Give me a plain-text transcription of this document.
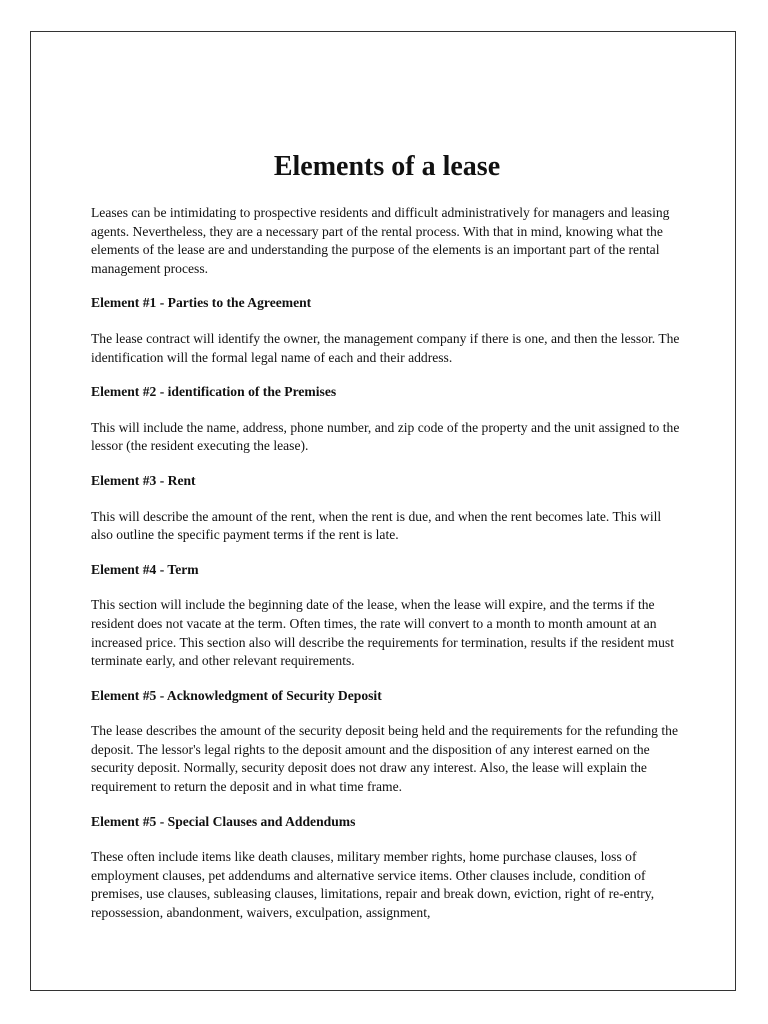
Elements of a lease

Leases can be intimidating to prospective residents and difficult administratively for managers and leasing agents. Nevertheless, they are a necessary part of the rental process. With that in mind, knowing what the elements of the lease are and understanding the purpose of the elements is an important part of the rental management process.

Element #1 - Parties to the Agreement

The lease contract will identify the owner, the management company if there is one, and then the lessor. The identification will the formal legal name of each and their address.

Element #2 - identification of the Premises

This will include the name, address, phone number, and zip code of the property and the unit assigned to the lessor (the resident executing the lease).

Element #3 - Rent

This will describe the amount of the rent, when the rent is due, and when the rent becomes late. This will also outline the specific payment terms if the rent is late.

Element #4 - Term

This section will include the beginning date of the lease, when the lease will expire, and the terms if the resident does not vacate at the term. Often times, the rate will convert to a month to month amount at an increased price. This section also will describe the requirements for termination, results if the resident must terminate early, and other relevant requirements.

Element #5 - Acknowledgment of Security Deposit

The lease describes the amount of the security deposit being held and the requirements for the refunding the deposit. The lessor's legal rights to the deposit amount and the disposition of any interest earned on the security deposit. Normally, security deposit does not draw any interest. Also, the lease will explain the requirement to return the deposit and in what time frame.

Element #5 - Special Clauses and Addendums

These often include items like death clauses, military member rights, home purchase clauses, loss of employment clauses, pet addendums and alternative service items. Other clauses include, condition of premises, use clauses, subleasing clauses, limitations, repair and break down, eviction, right of re-entry, repossession, abandonment, waivers, exculpation, assignment,
